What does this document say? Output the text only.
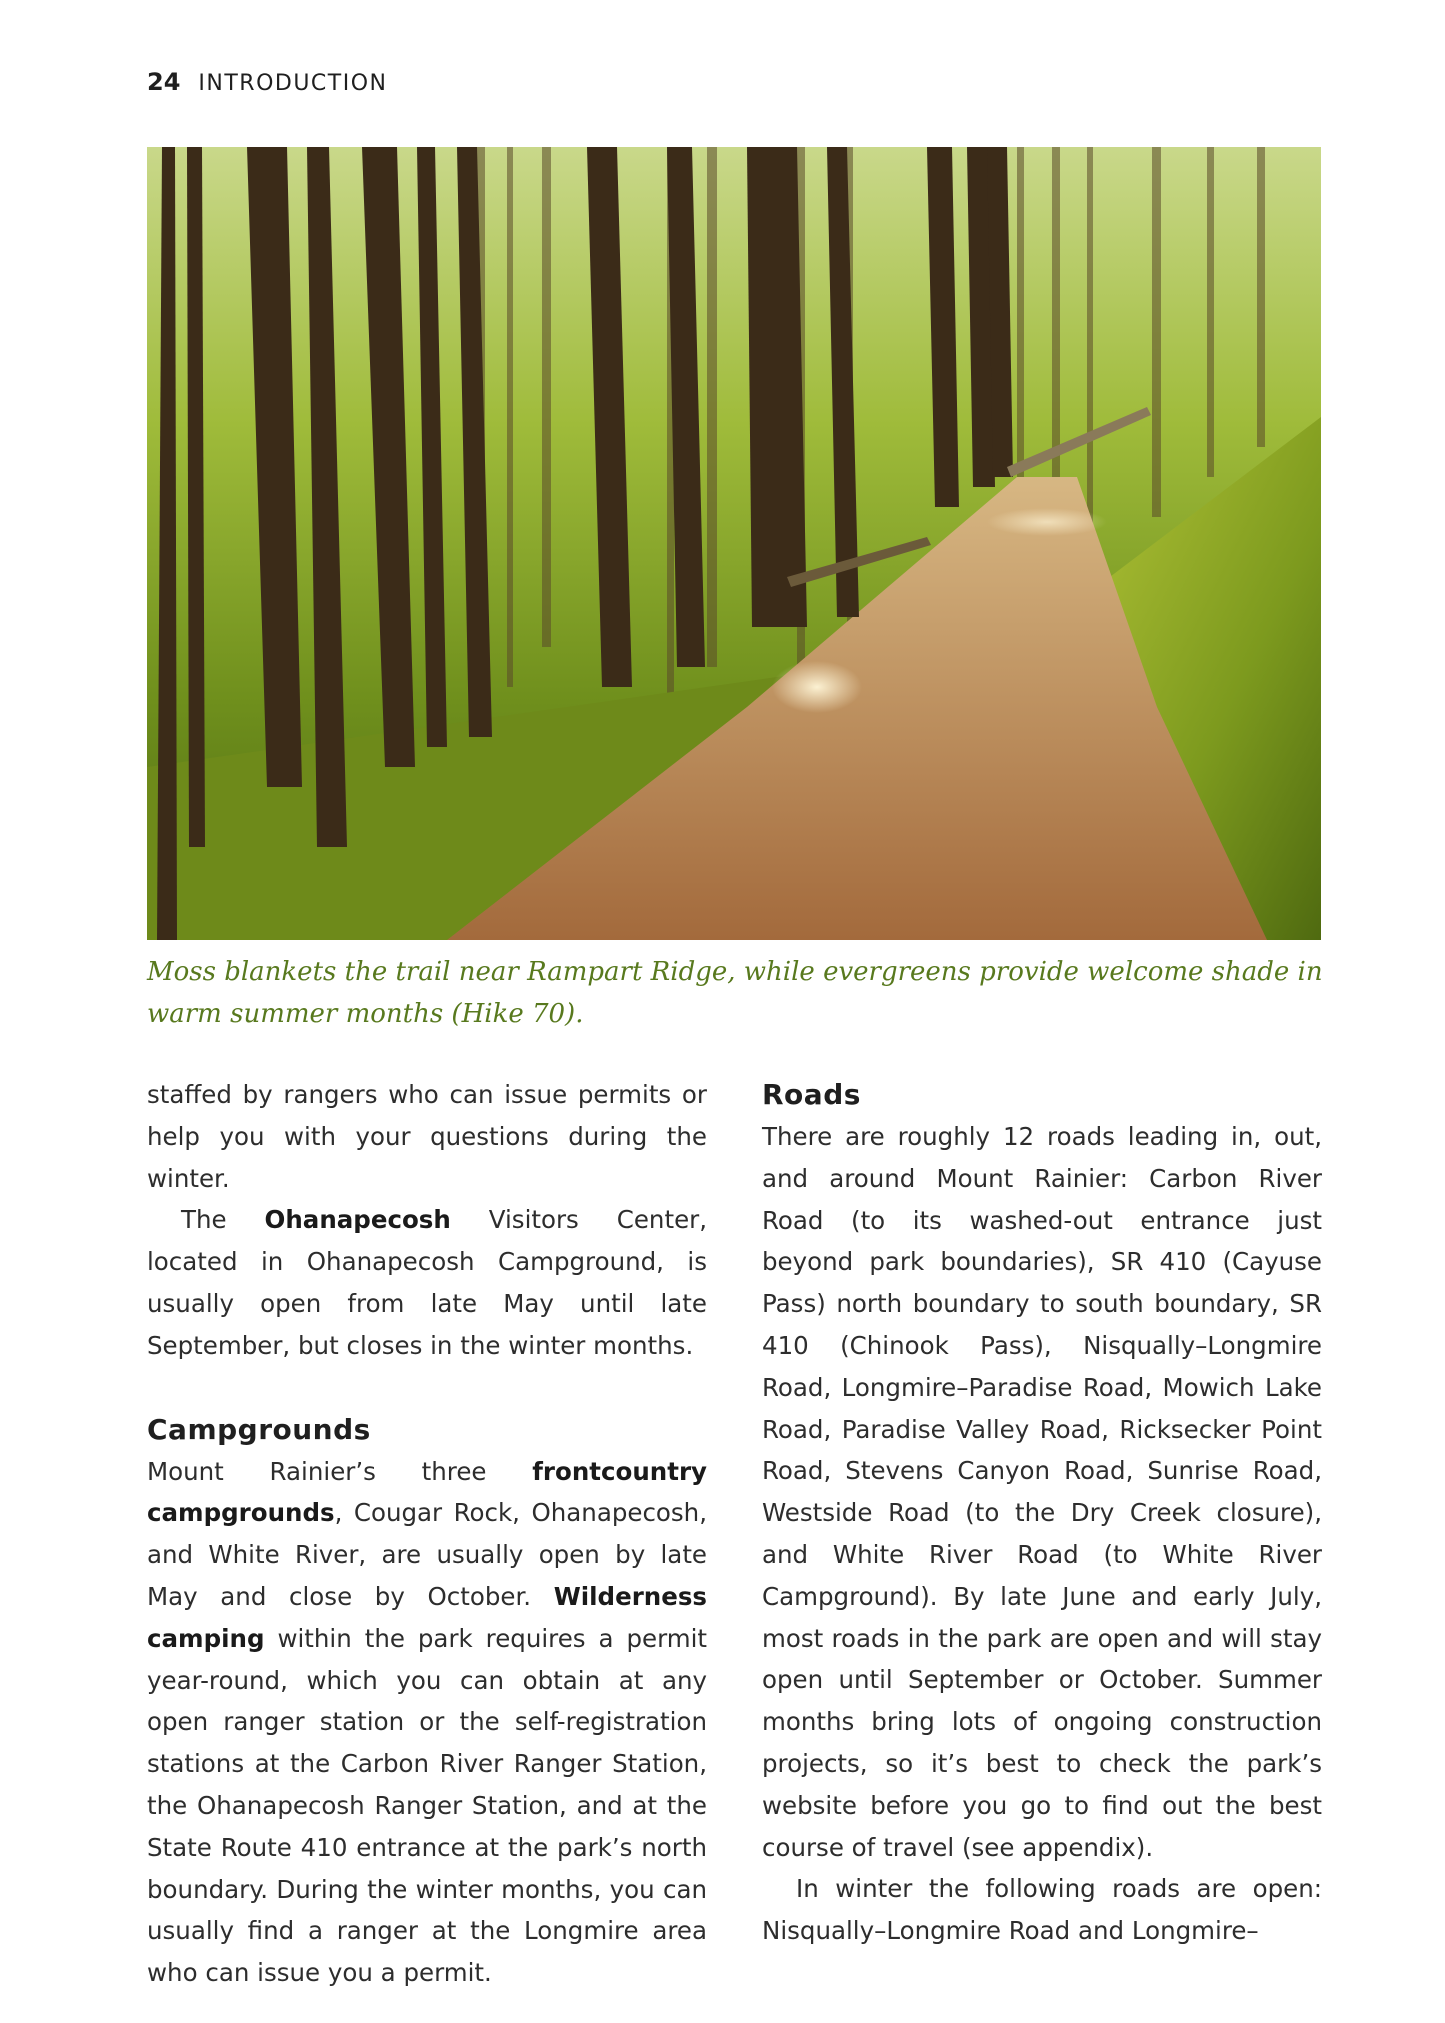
24 INTRODUCTION
Moss blankets the trail near Rampart Ridge, while evergreens provide welcome shade in warm summer months (Hike 70).

staffed by rangers who can issue permits or help you with your questions during the winter.

The Ohanapecosh Visitors Center, located in Ohanapecosh Campground, is usually open from late May until late September, but closes in the winter months.

Campgrounds

Mount Rainier’s three frontcountry campgrounds, Cougar Rock, Ohanapecosh, and White River, are usually open by late May and close by October. Wilderness camping within the park requires a permit year-round, which you can obtain at any open ranger station or the self-registration stations at the Carbon River Ranger Station, the Ohanapecosh Ranger Station, and at the State Route 410 entrance at the park’s north boundary. During the winter months, you can usually find a ranger at the Longmire area who can issue you a permit.

Roads

There are roughly 12 roads leading in, out, and around Mount Rainier: Carbon River Road (to its washed-out entrance just beyond park boundaries), SR 410 (Cayuse Pass) north boundary to south boundary, SR 410 (Chinook Pass), Nisqually–Longmire Road, Longmire–Paradise Road, Mowich Lake Road, Paradise Valley Road, Ricksecker Point Road, Stevens Canyon Road, Sunrise Road, Westside Road (to the Dry Creek closure), and White River Road (to White River Campground). By late June and early July, most roads in the park are open and will stay open until September or October. Summer months bring lots of ongoing construction projects, so it’s best to check the park’s website before you go to find out the best course of travel (see appendix).

In winter the following roads are open: Nisqually–Longmire Road and Longmire–
